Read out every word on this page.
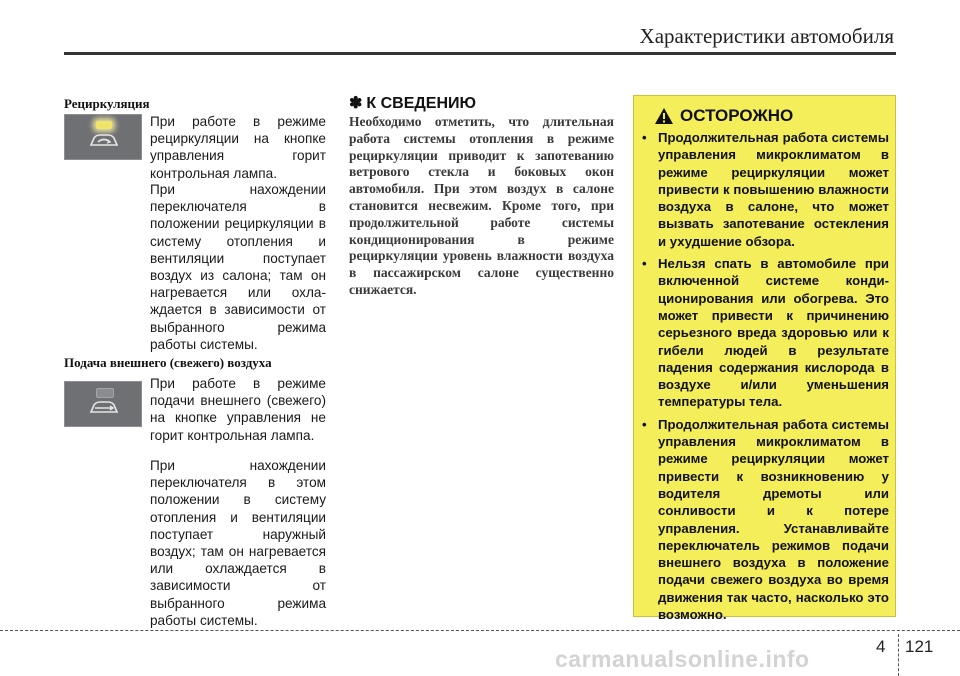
Характеристики автомобиля
Рециркуляция

При работе в режиме рециркуляции на кнопке управления горит контрольная лампа.

При нахождении переключателя в положении рециркуляции в систему отопления и вентиляции поступает воздух из салона; там он нагревается или охла-ждается в зависимости от выбранного режима работы системы.

Подача внешнего (свежего) воздуха

При работе в режиме подачи внешнего (свежего) на кнопке управления не горит контрольная лампа.

При нахождении переключателя в этом положении в систему отопления и вентиляции поступает наружный воздух; там он нагревается или охлаждается в зависимости от выбранного режима работы системы.

✽ К СВЕДЕНИЮ

Необходимо отметить, что длительная работа системы отопления в режиме рециркуляции приводит к запотеванию ветрового стекла и боковых окон автомобиля. При этом воздух в салоне становится несвежим. Кроме того, при продолжительной работе системы кондиционирования в режиме рециркуляции уровень влажности воздуха в пассажирском салоне существенно снижается.

ОСТОРОЖНО
• Продолжительная работа системы управления микроклиматом в режиме рециркуляции может привести к повышению влажности воздуха в салоне, что может вызвать запотевание остекления и ухудшение обзора.
• Нельзя спать в автомобиле при включенной системе конди-ционирования или обогрева. Это может привести к причинению серьезного вреда здоровью или к гибели людей в результате падения содержания кислорода в воздухе и/или уменьшения температуры тела.
• Продолжительная работа системы управления микроклиматом в режиме рециркуляции может привести к возникновению у водителя дремоты или сонливости и к потере управления. Устанавливайте переключатель режимов подачи внешнего воздуха в положение подачи свежего воздуха во время движения так часто, насколько это возможно.
4 121
carmanualsonline.info
